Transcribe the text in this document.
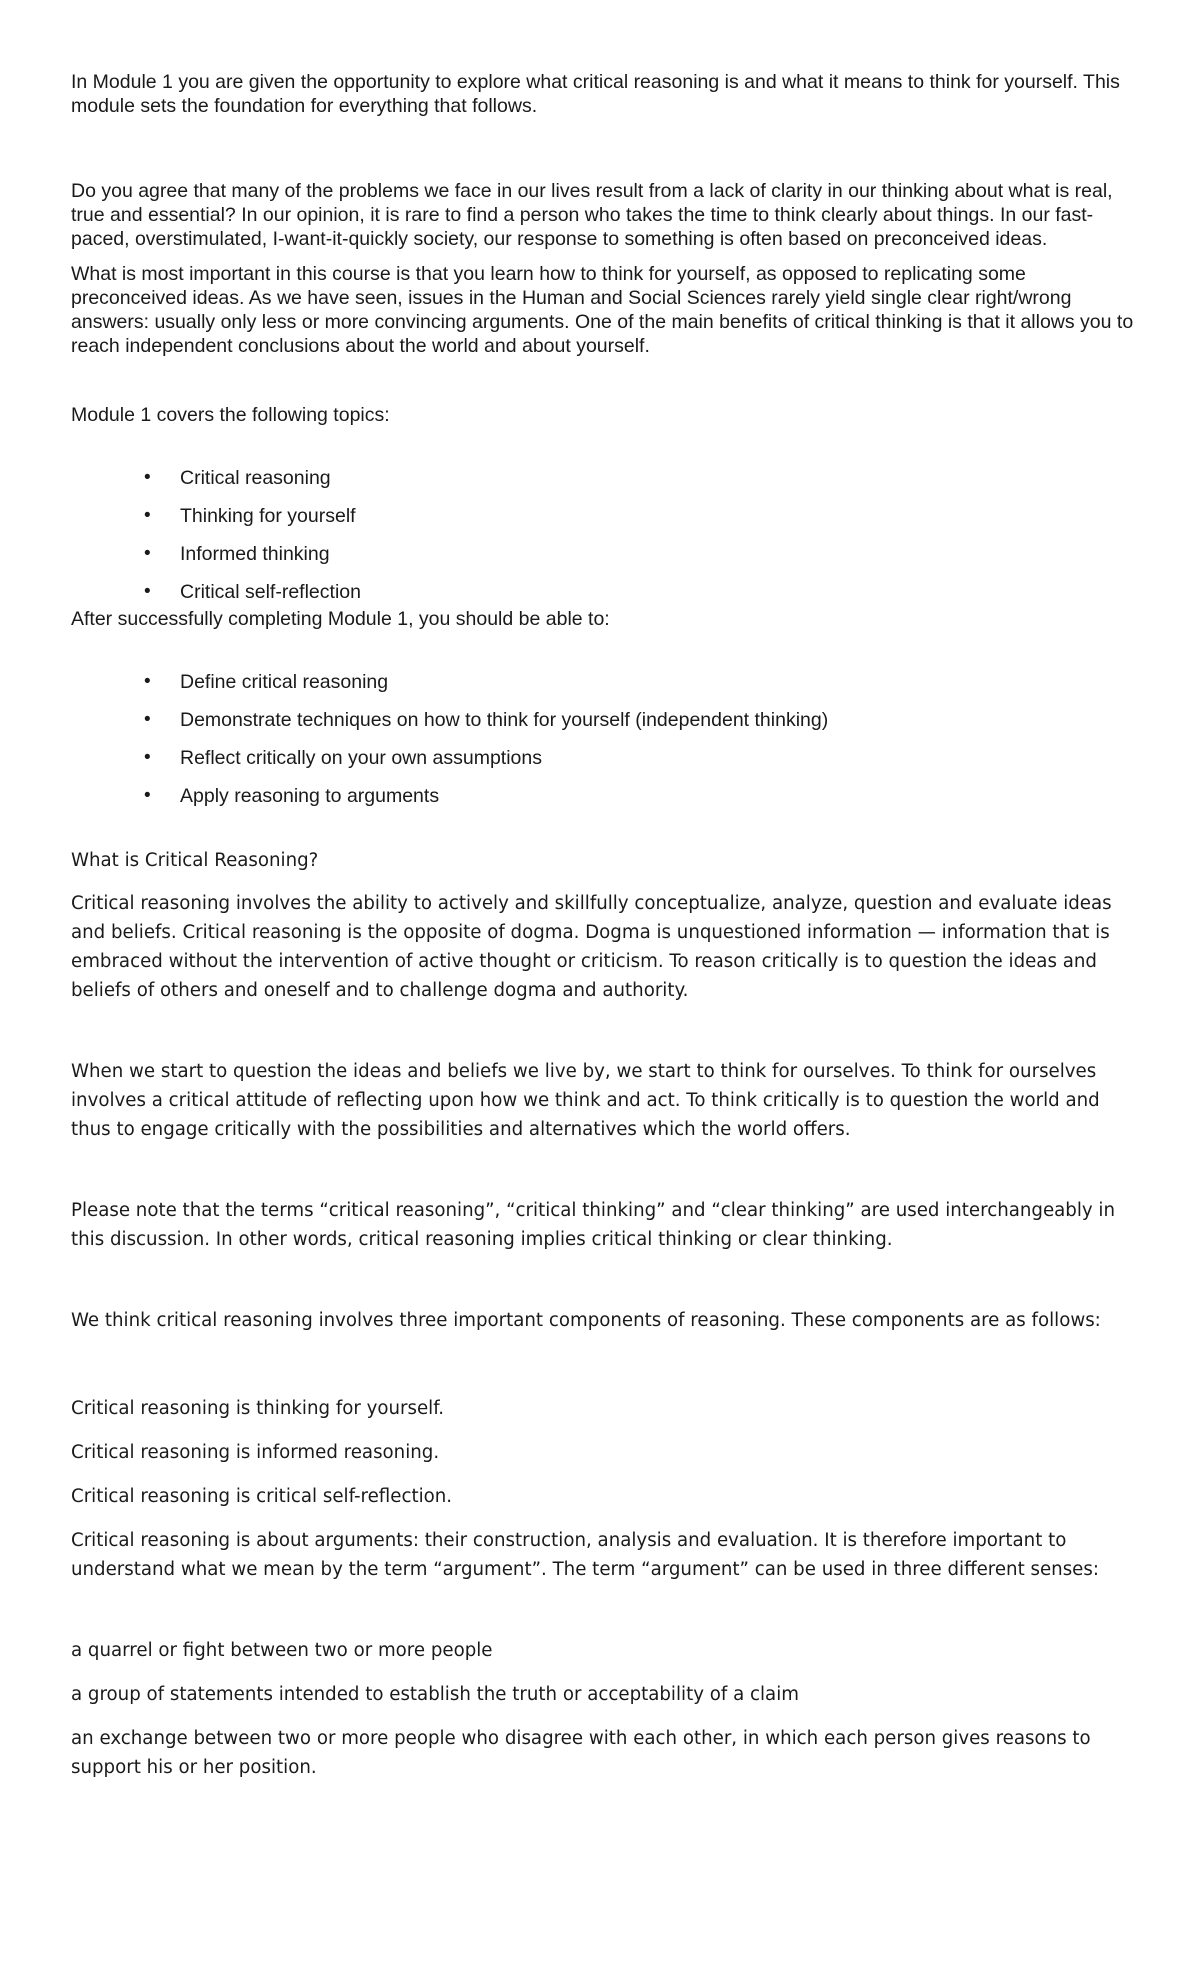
In Module 1 you are given the opportunity to explore what critical reasoning is and what it means to think for yourself. This module sets the foundation for everything that follows.

Do you agree that many of the problems we face in our lives result from a lack of clarity in our thinking about what is real, true and essential? In our opinion, it is rare to find a person who takes the time to think clearly about things. In our fast-paced, overstimulated, I-want-it-quickly society, our response to something is often based on preconceived ideas.

What is most important in this course is that you learn how to think for yourself, as opposed to replicating some preconceived ideas. As we have seen, issues in the Human and Social Sciences rarely yield single clear right/wrong answers: usually only less or more convincing arguments. One of the main benefits of critical thinking is that it allows you to reach independent conclusions about the world and about yourself.

Module 1 covers the following topics:

• Critical reasoning
• Thinking for yourself
• Informed thinking
• Critical self-reflection

After successfully completing Module 1, you should be able to:

• Define critical reasoning
• Demonstrate techniques on how to think for yourself (independent thinking)
• Reflect critically on your own assumptions
• Apply reasoning to arguments

What is Critical Reasoning?

Critical reasoning involves the ability to actively and skillfully conceptualize, analyze, question and evaluate ideas and beliefs. Critical reasoning is the opposite of dogma. Dogma is unquestioned information — information that is embraced without the intervention of active thought or criticism. To reason critically is to question the ideas and beliefs of others and oneself and to challenge dogma and authority.

When we start to question the ideas and beliefs we live by, we start to think for ourselves. To think for ourselves involves a critical attitude of reflecting upon how we think and act. To think critically is to question the world and thus to engage critically with the possibilities and alternatives which the world offers.

Please note that the terms “critical reasoning”, “critical thinking” and “clear thinking” are used interchangeably in this discussion. In other words, critical reasoning implies critical thinking or clear thinking.

We think critical reasoning involves three important components of reasoning. These components are as follows:

Critical reasoning is thinking for yourself.

Critical reasoning is informed reasoning.

Critical reasoning is critical self-reflection.

Critical reasoning is about arguments: their construction, analysis and evaluation. It is therefore important to understand what we mean by the term “argument”. The term “argument” can be used in three different senses:

a quarrel or fight between two or more people

a group of statements intended to establish the truth or acceptability of a claim

an exchange between two or more people who disagree with each other, in which each person gives reasons to support his or her position.
